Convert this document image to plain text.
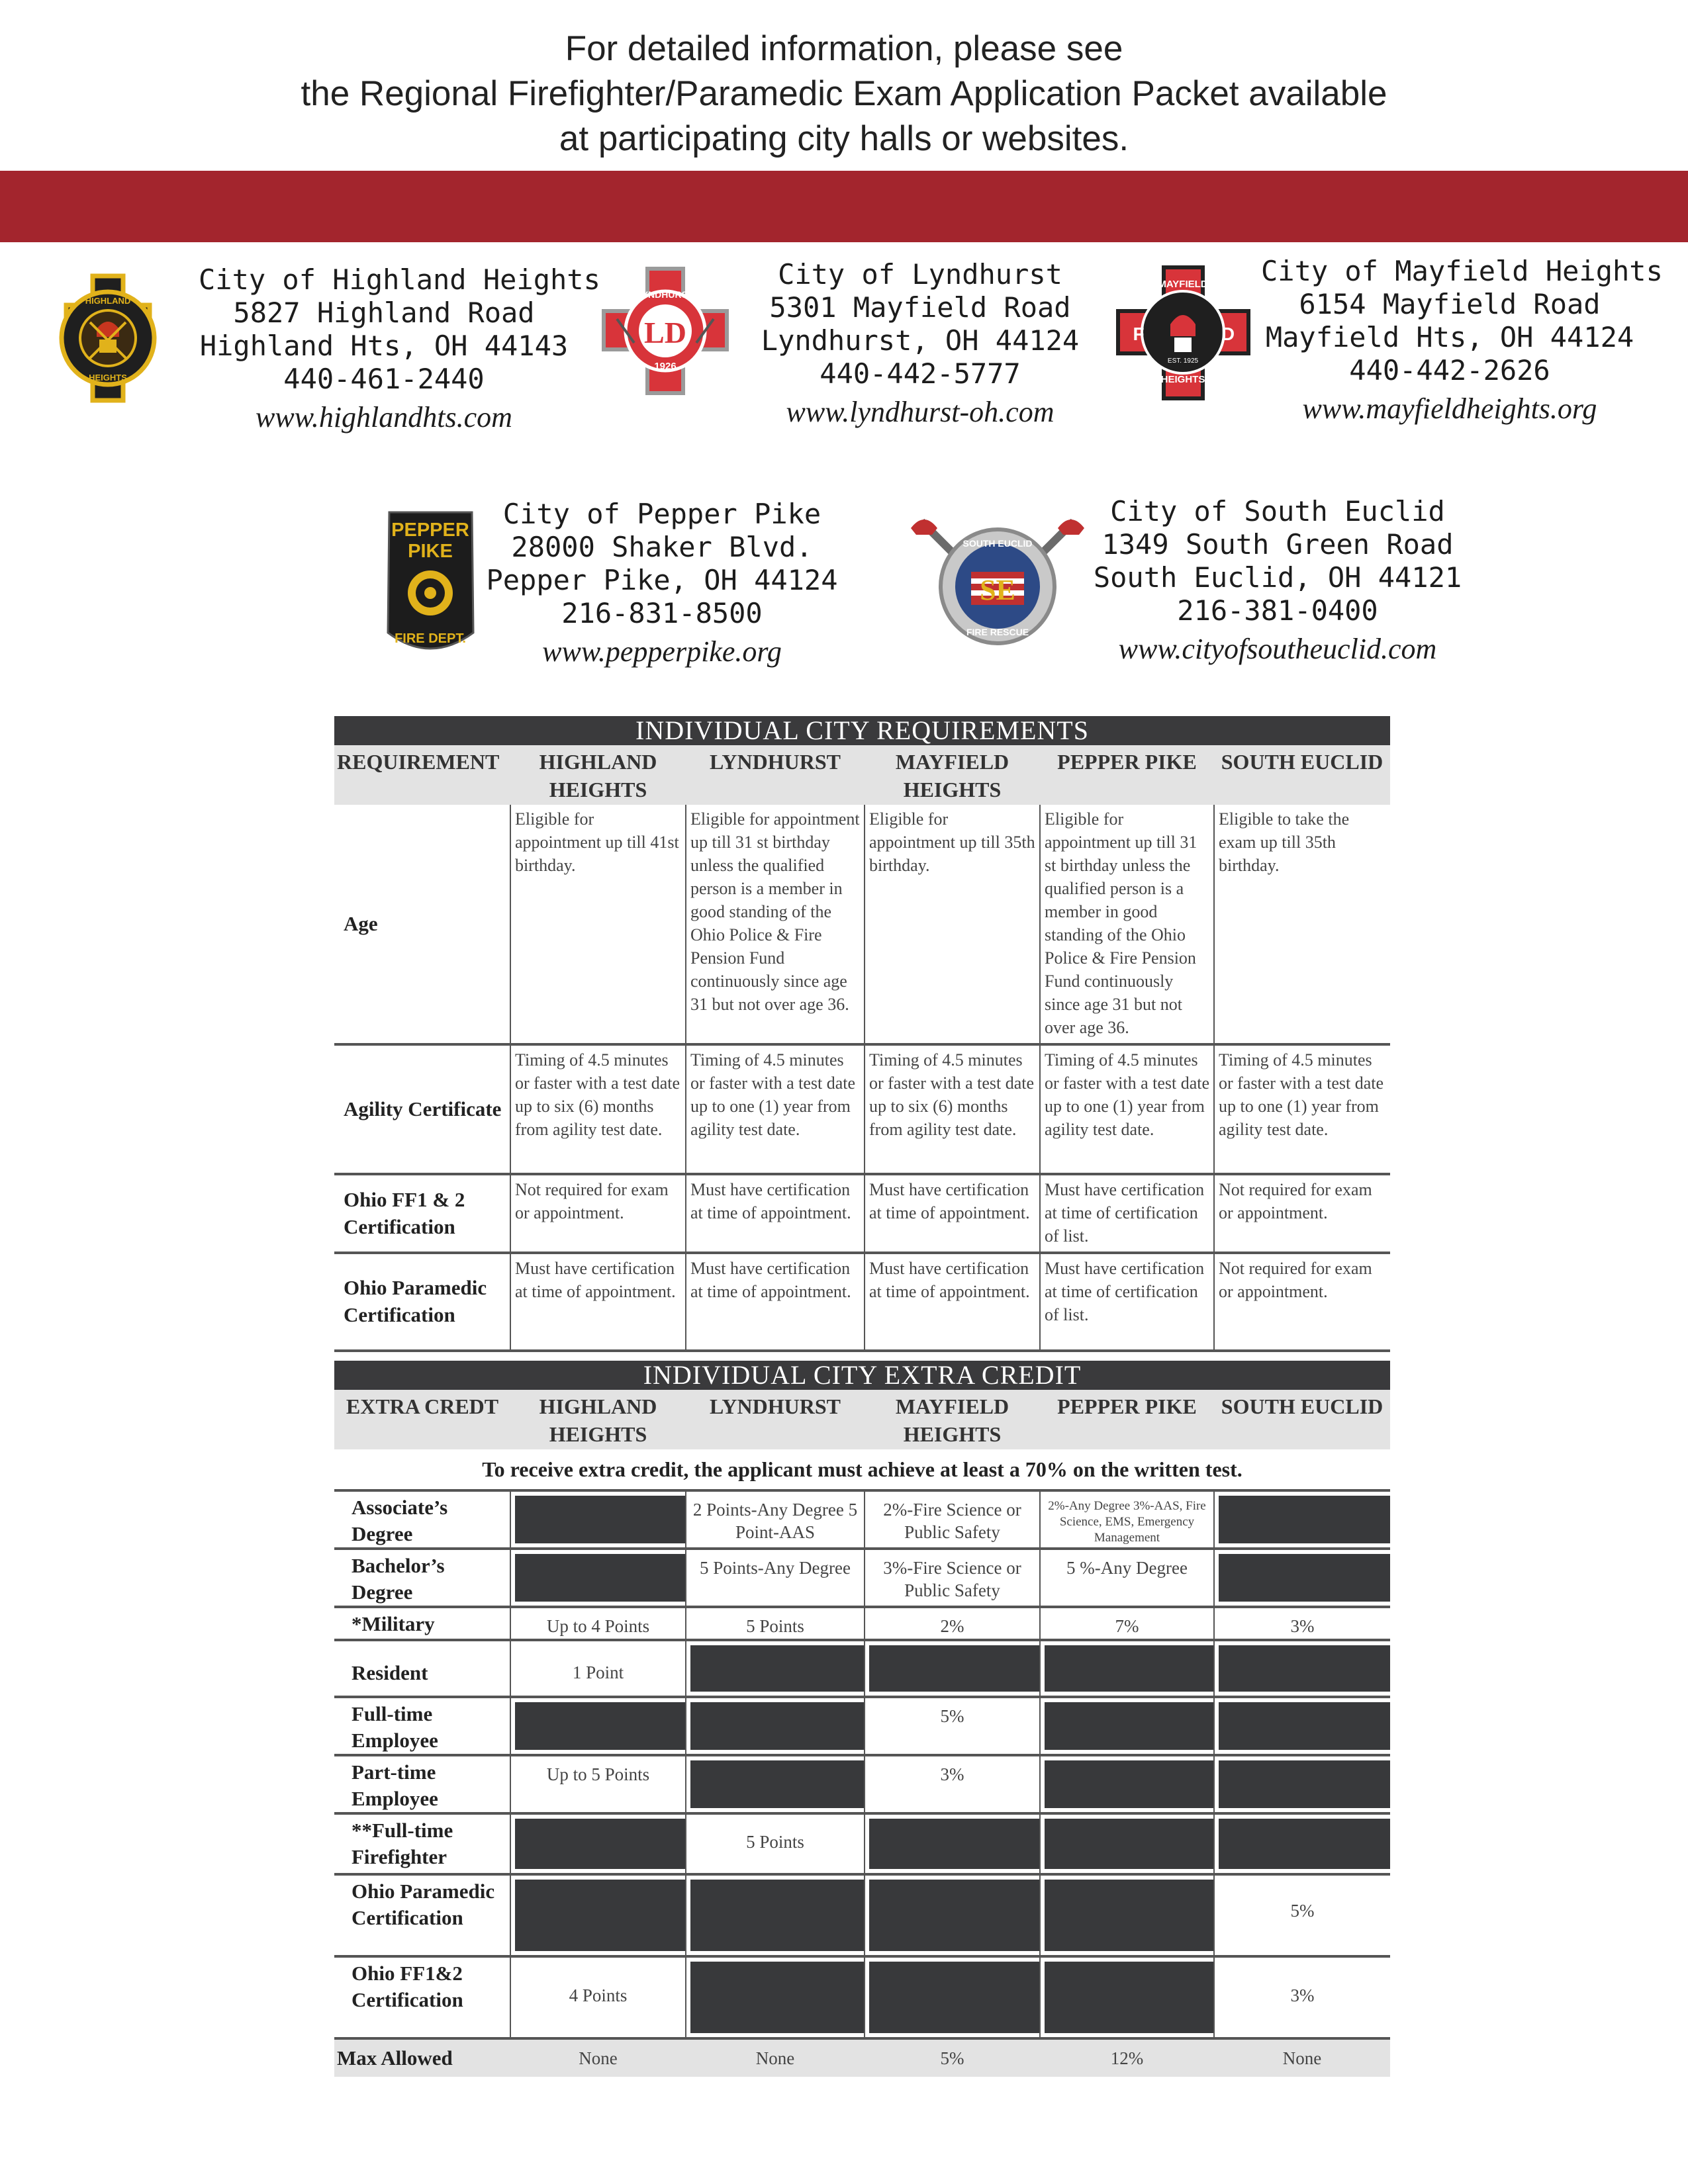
For detailed information, please see
the Regional Firefighter/Paramedic Exam Application Packet available
at participating city halls or websites.
HIGHLAND
HEIGHTS
City of Highland Heights
5827 Highland Road
Highland Hts, OH 44143
440-461-2440
www.highlandhts.com
LD
LYNDHURST
1926
City of Lyndhurst
5301 Mayfield Road
Lyndhurst, OH 44124
440-442-5777
www.lyndhurst-oh.com
MAYFIELD
F	D
EST. 1925
HEIGHTS
City of Mayfield Heights
6154 Mayfield Road
Mayfield Hts, OH 44124
440-442-2626
www.mayfieldheights.org
PEPPER
PIKE
FIRE DEPT.
City of Pepper Pike
28000 Shaker Blvd.
Pepper Pike, OH 44124
216-831-8500
www.pepperpike.org
SE
SOUTH EUCLID
FIRE RESCUE
City of South Euclid
1349 South Green Road
South Euclid, OH 44121
216-381-0400
www.cityofsoutheuclid.com
INDIVIDUAL CITY REQUIREMENTS					
REQUIREMENT	HIGHLAND HEIGHTS	LYNDHURST	MAYFIELD HEIGHTS	PEPPER PIKE	SOUTH EUCLID
Age	Eligible for appointment up till 41st birthday.	Eligible for appointment up till 31 st birthday unless the qualified person is a member in good standing of the Ohio Police & Fire Pension Fund continuously since age 31 but not over age 36.	Eligible for appointment up till 35th birthday.	Eligible for appointment up till 31 st birthday unless the qualified person is a member in good standing of the Ohio Police & Fire Pension Fund continuously since age 31 but not over age 36.	Eligible to take the exam up till 35th birthday.
Agility Certificate	Timing of 4.5 minutes or faster with a test date up to six (6) months from agility test date.	Timing of 4.5 minutes or faster with a test date up to one (1) year from agility test date.	Timing of 4.5 minutes or faster with a test date up to six (6) months from agility test date.	Timing of 4.5 minutes or faster with a test date up to one (1) year from agility test date.	Timing of 4.5 minutes or faster with a test date up to one (1) year from agility test date.
Ohio FF1 & 2 Certification	Not required for exam or appointment.	Must have certification at time of appointment.	Must have certification at time of appointment.	Must have certification at time of certification of list.	Not required for exam or appointment.
Ohio Paramedic Certification	Must have certification at time of appointment.	Must have certification at time of appointment.	Must have certification at time of appointment.	Must have certification at time of certification of list.	Not required for exam or appointment.
INDIVIDUAL CITY EXTRA CREDIT					
EXTRA CREDT	HIGHLAND HEIGHTS	LYNDHURST	MAYFIELD HEIGHTS	PEPPER PIKE	SOUTH EUCLID
To receive extra credit, the applicant must achieve at least a 70% on the written test.					
Associate’s Degree		2 Points-Any Degree 5 Point-AAS	2%-Fire Science or Public Safety	2%-Any Degree 3%-AAS, Fire Science, EMS, Emergency Management	
Bachelor’s Degree		5 Points-Any Degree	3%-Fire Science or Public Safety	5 %-Any Degree	
*Military	Up to 4 Points	5 Points	2%	7%	3%
Resident	1 Point				
Full-time Employee			5%		
Part-time Employee	Up to 5 Points		3%		
**Full-time Firefighter		5 Points			
Ohio Paramedic Certification					5%
Ohio FF1&2 Certification	4 Points				3%
Max Allowed	None	None	5%	12%	None
